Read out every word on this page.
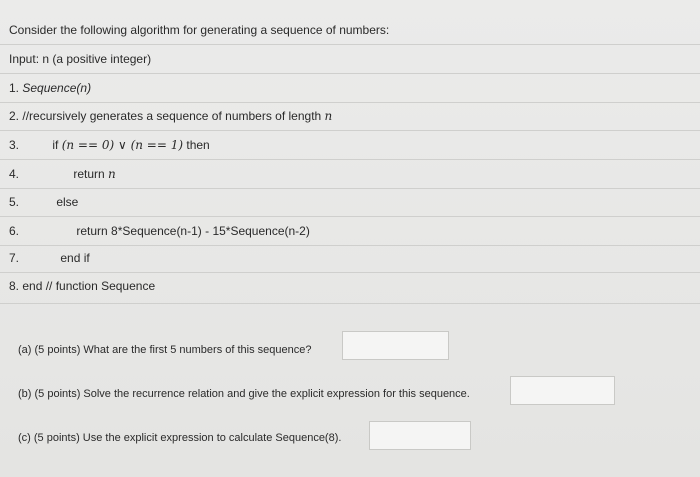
Consider the following algorithm for generating a sequence of numbers:
Input: n (a positive integer)
1. Sequence(n)
2. //recursively generates a sequence of numbers of length n
3.	if (n == 0) ∨ (n == 1) then
4.	return n
5.	else
6.	return 8*Sequence(n-1) - 15*Sequence(n-2)
7.	end if
8. end // function Sequence
(a) (5 points) What are the first 5 numbers of this sequence?
(b) (5 points) Solve the recurrence relation and give the explicit expression for this sequence.
(c) (5 points) Use the explicit expression to calculate Sequence(8).
